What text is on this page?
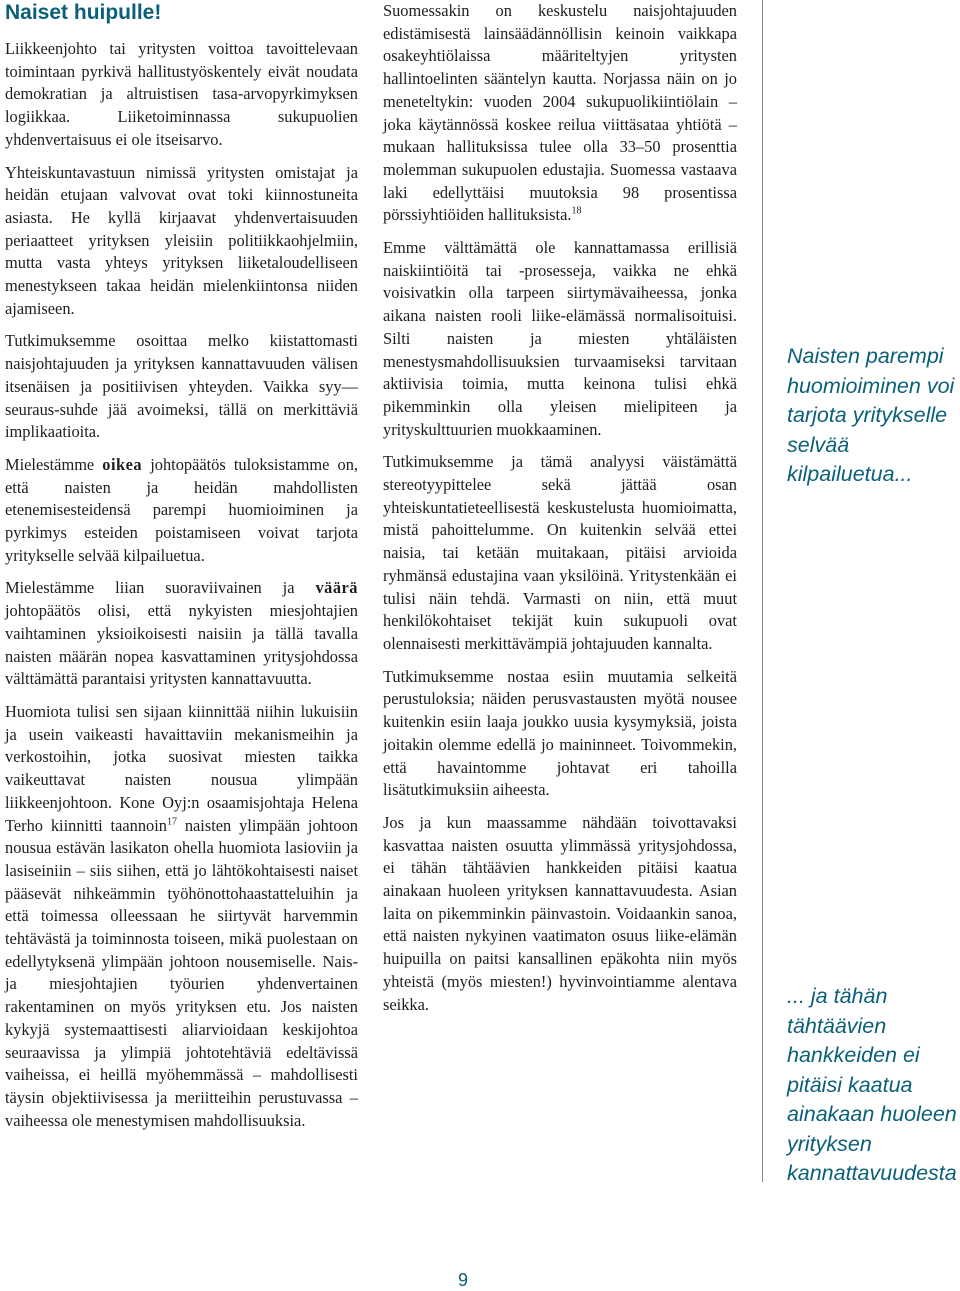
Naiset huipulle!

Liikkeenjohto tai yritysten voittoa tavoittelevaan toimintaan pyrkivä hallitustyöskentely eivät noudata demokratian ja altruistisen tasa-arvopyrkimyksen logiikkaa. Liiketoiminnassa sukupuolien yhdenvertaisuus ei ole itseisarvo.

Yhteiskuntavastuun nimissä yritysten omistajat ja heidän etujaan valvovat ovat toki kiinnostuneita asiasta. He kyllä kirjaavat yhdenvertaisuuden periaatteet yrityksen yleisiin politiikkaohjelmiin, mutta vasta yhteys yrityksen liiketaloudelliseen menestykseen takaa heidän mielenkiintonsa niiden ajamiseen.

Tutkimuksemme osoittaa melko kiistattomasti naisjohtajuuden ja yrityksen kannattavuuden välisen itsenäisen ja positiivisen yhteyden. Vaikka syy—seuraus-suhde jää avoimeksi, tällä on merkittäviä implikaatioita.

Mielestämme oikea johtopäätös tuloksistamme on, että naisten ja heidän mahdollisten etenemisesteidensä parempi huomioiminen ja pyrkimys esteiden poistamiseen voivat tarjota yritykselle selvää kilpailuetua.

Mielestämme liian suoraviivainen ja väärä johtopäätös olisi, että nykyisten miesjohtajien vaihtaminen yksioikoisesti naisiin ja tällä tavalla naisten määrän nopea kasvattaminen yritysjohdossa välttämättä parantaisi yritysten kannattavuutta.

Huomiota tulisi sen sijaan kiinnittää niihin lukuisiin ja usein vaikeasti havaittaviin mekanismeihin ja verkostoihin, jotka suosivat miesten taikka vaikeuttavat naisten nousua ylimpään liikkeenjohtoon. Kone Oyj:n osaamisjohtaja Helena Terho kiinnitti taannoin$^{17}$ naisten ylimpään johtoon nousua estävän lasikaton ohella huomiota lasioviin ja lasiseiniin – siis siihen, että jo lähtökohtaisesti naiset pääsevät nihkeämmin työhönottohaastatteluihin ja että toimessa olleessaan he siirtyvät harvemmin tehtävästä ja toiminnosta toiseen, mikä puolestaan on edellytyksenä ylimpään johtoon nousemiselle. Nais- ja miesjohtajien työurien yhdenvertainen rakentaminen on myös yrityksen etu. Jos naisten kykyjä systemaattisesti aliarvioidaan keskijohtoa seuraavissa ja ylimpiä johtotehtäviä edeltävissä vaiheissa, ei heillä myöhemmässä – mahdollisesti täysin objektiivisessa ja meriitteihin perustuvassa – vaiheessa ole menestymisen mahdollisuuksia.

Suomessakin on keskustelu naisjohtajuuden edistämisestä lainsäädännöllisin keinoin vaikkapa osakeyhtiölaissa määriteltyjen yritysten hallintoelinten sääntelyn kautta. Norjassa näin on jo meneteltykin: vuoden 2004 sukupuolikiintiölain – joka käytännössä koskee reilua viittäsataa yhtiötä – mukaan hallituksissa tulee olla 33–50 prosenttia molemman sukupuolen edustajia. Suomessa vastaava laki edellyttäisi muutoksia 98 prosentissa pörssiyhtiöiden hallituksista.$^{18}$

Emme välttämättä ole kannattamassa erillisiä naiskiintiöitä tai -prosesseja, vaikka ne ehkä voisivatkin olla tarpeen siirtymävaiheessa, jonka aikana naisten rooli liike-elämässä normalisoituisi. Silti naisten ja miesten yhtäläisten menestysmahdollisuuksien turvaamiseksi tarvitaan aktiivisia toimia, mutta keinona tulisi ehkä pikemminkin olla yleisen mielipiteen ja yrityskulttuurien muokkaaminen.

Tutkimuksemme ja tämä analyysi väistämättä stereotyypittelee sekä jättää osan yhteiskuntatieteellisestä keskustelusta huomioimatta, mistä pahoittelumme. On kuitenkin selvää ettei naisia, tai ketään muitakaan, pitäisi arvioida ryhmänsä edustajina vaan yksilöinä. Yritystenkään ei tulisi näin tehdä. Varmasti on niin, että muut henkilökohtaiset tekijät kuin sukupuoli ovat olennaisesti merkittävämpiä johtajuuden kannalta.

Tutkimuksemme nostaa esiin muutamia selkeitä perustuloksia; näiden perusvastausten myötä nousee kuitenkin esiin laaja joukko uusia kysymyksiä, joista joitakin olemme edellä jo maininneet. Toivommekin, että havaintomme johtavat eri tahoilla lisätutkimuksiin aiheesta.

Jos ja kun maassamme nähdään toivottavaksi kasvattaa naisten osuutta ylimmässä yritysjohdossa, ei tähän tähtäävien hankkeiden pitäisi kaatua ainakaan huoleen yrityksen kannattavuudesta. Asian laita on pikemminkin päinvastoin. Voidaankin sanoa, että naisten nykyinen vaatimaton osuus liike-elämän huipuilla on paitsi kansallinen epäkohta niin myös yhteistä (myös miesten!) hyvinvointiamme alentava seikka.

Naisten parempi huomioiminen voi tarjota yritykselle selvää kilpailuetua...
... ja tähän tähtäävien hankkeiden ei pitäisi kaatua ainakaan huoleen yrityksen kannattavuudesta
9
